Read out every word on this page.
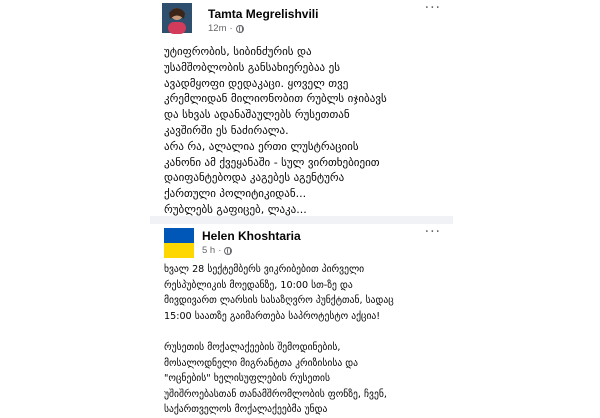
Tamta Megrelishvili
12m ·
···
უტიფრობის, სიბინძურის და
უსამშობლობის განსახიერებაა ეს
ავადმყოფი დედაკაცი. ყოველ თვე
კრემლიდან მილიონობით რუბლს იჯიბავს
და სხვას ადანაშაულებს რუსეთთან
კავშირში ეს ნაძირალა.
არა რა, ალალია ერთი ლუსტრაციის
კანონი ამ ქვეყანაში - სულ ვირთხებიეით
დაიფანტებოდა კაგებეს აგენტურა
ქართული პოლიტიკიდან...
რუბლებს გაფიცებ, ლაკა...
Helen Khoshtaria
5 h ·
···
ხვალ 28 სექტემბერს ვიკრიბებით პირველი
რესპუბლიკის მოედანზე, 10:00 სთ-ზე და
მივდივართ ლარსის სასაზღვრო პუნქტთან, სადაც
15:00 საათზე გაიმართება საპროტესტო აქცია!
რუსეთის მოქალაქეების შემოდინების,
მოსალოდნელი მიგრანტთა კრიზისისა და
"ოცნების" ხელისუფლების რუსეთის
უშიშროებასთან თანამშრომლობის ფონზე, ჩვენ,
საქართველოს მოქალაქეებმა უნდა
